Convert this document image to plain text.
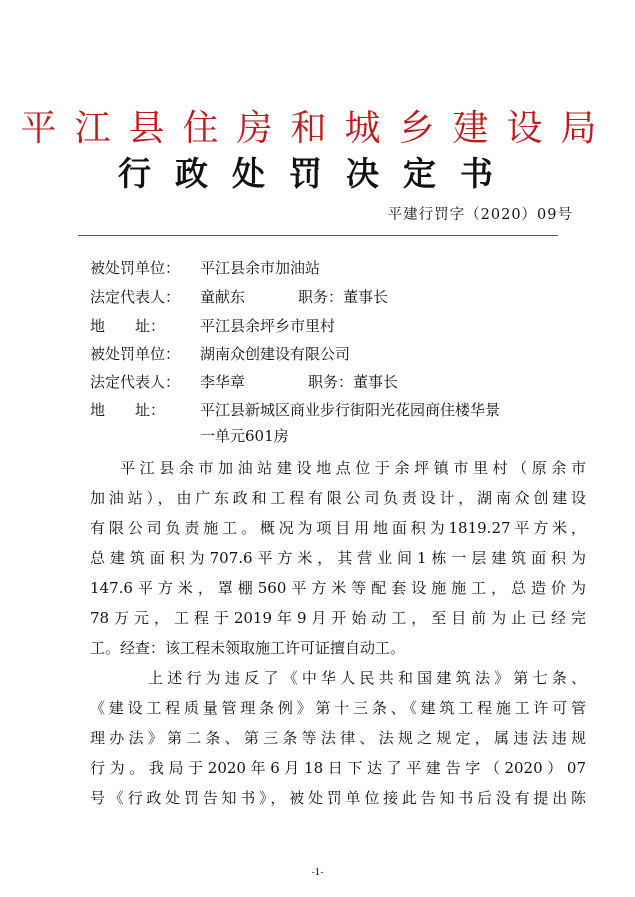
平江县住房和城乡建设局
行政处罚决定书
平建行罚字（2020）09号
被处罚单位： 平江县余市加油站
法定代表人： 童献东	职务：董事长
地　　址： 平江县余坪乡市里村
被处罚单位： 湖南众创建设有限公司
法定代表人： 李华章	职务：董事长
地　　址： 平江县新城区商业步行街阳光花园商住楼华景
一单元601房
平江县余市加油站建设地点位于余坪镇市里村（原余市
加油站），由广东政和工程有限公司负责设计，湖南众创建设
有限公司负责施工。概况为项目用地面积为1819.27平方米，
总建筑面积为707.6平方米，其营业间1栋一层建筑面积为
147.6平方米，罩棚560平方米等配套设施施工，总造价为
78万元，工程于2019年9月开始动工，至目前为止已经完
工。经查：该工程未领取施工许可证擅自动工。
上述行为违反了《中华人民共和国建筑法》第七条、
《建设工程质量管理条例》第十三条、《建筑工程施工许可管
理办法》第二条、第三条等法律、法规之规定，属违法违规
行为。我局于2020年6月18日下达了平建告字（2020）07
号《行政处罚告知书》，被处罚单位接此告知书后没有提出陈
-1-
